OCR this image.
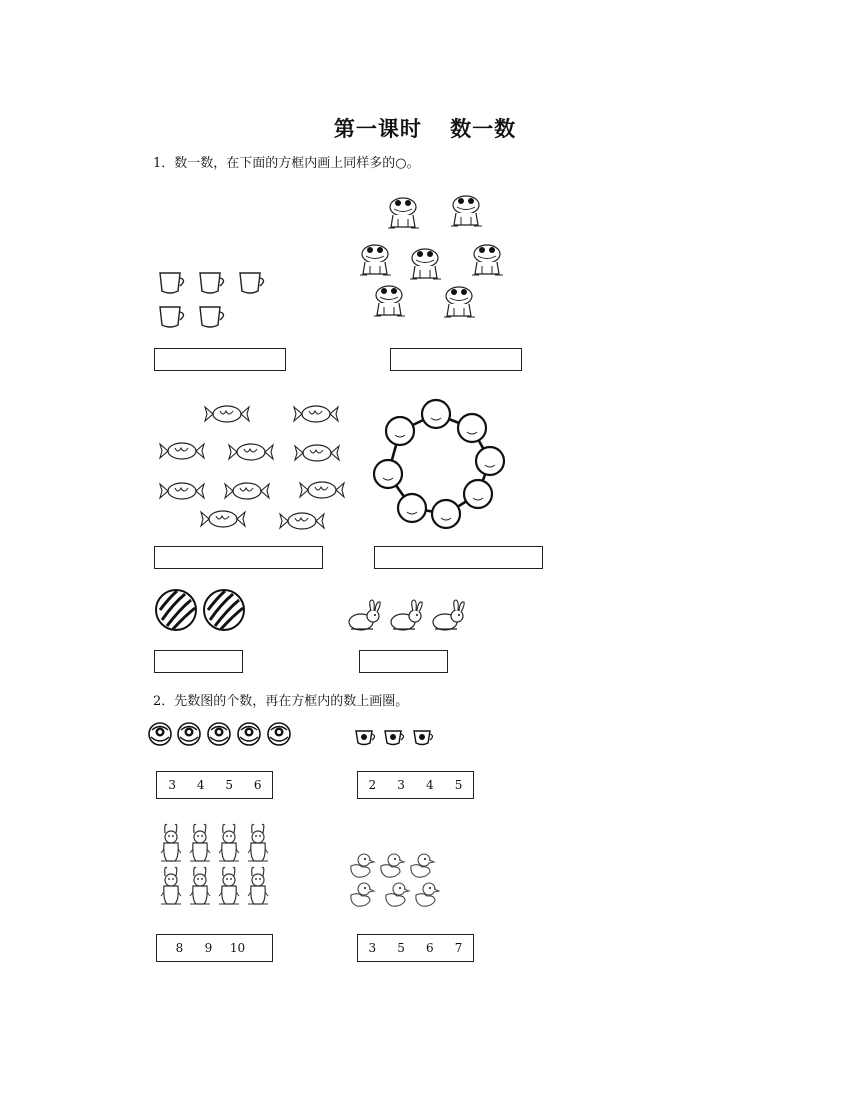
第一课时 数一数
1．数一数，在下面的方框内画上同样多的○。
2．先数图的个数，再在方框内的数上画圈。
3	4	5	6	2	3	4	5
8	9	10	3	5	6	7
